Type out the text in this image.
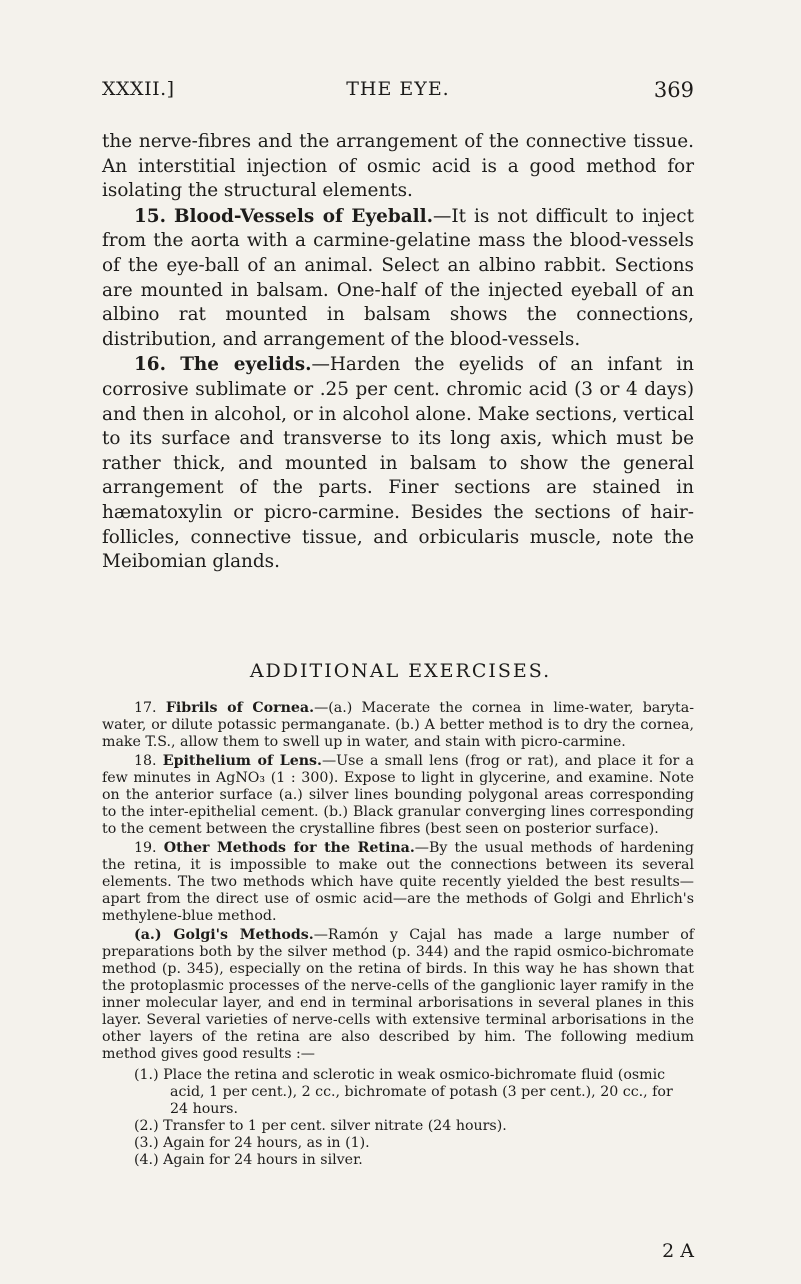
XXXII.]	THE EYE.	369

the nerve-fibres and the arrangement of the connective tissue. An interstitial injection of osmic acid is a good method for isolating the structural elements.

15. Blood-Vessels of Eyeball.—It is not difficult to inject from the aorta with a carmine-gelatine mass the blood-vessels of the eye-ball of an animal. Select an albino rabbit. Sections are mounted in balsam. One-half of the injected eyeball of an albino rat mounted in balsam shows the connections, distribution, and arrangement of the blood-vessels.

16. The eyelids.—Harden the eyelids of an infant in corrosive sublimate or .25 per cent. chromic acid (3 or 4 days) and then in alcohol, or in alcohol alone. Make sections, vertical to its surface and transverse to its long axis, which must be rather thick, and mounted in balsam to show the general arrangement of the parts. Finer sections are stained in hæmatoxylin or picro-carmine. Besides the sections of hair-follicles, connective tissue, and orbicularis muscle, note the Meibomian glands.

ADDITIONAL EXERCISES.

17. Fibrils of Cornea.—(a.) Macerate the cornea in lime-water, baryta-water, or dilute potassic permanganate. (b.) A better method is to dry the cornea, make T.S., allow them to swell up in water, and stain with picro-carmine.

18. Epithelium of Lens.—Use a small lens (frog or rat), and place it for a few minutes in AgNO₃ (1 : 300). Expose to light in glycerine, and examine. Note on the anterior surface (a.) silver lines bounding polygonal areas corresponding to the inter-epithelial cement. (b.) Black granular converging lines corresponding to the cement between the crystalline fibres (best seen on posterior surface).

19. Other Methods for the Retina.—By the usual methods of hardening the retina, it is impossible to make out the connections between its several elements. The two methods which have quite recently yielded the best results—apart from the direct use of osmic acid—are the methods of Golgi and Ehrlich's methylene-blue method.

(a.) Golgi's Methods.—Ramón y Cajal has made a large number of preparations both by the silver method (p. 344) and the rapid osmico-bichromate method (p. 345), especially on the retina of birds. In this way he has shown that the protoplasmic processes of the nerve-cells of the ganglionic layer ramify in the inner molecular layer, and end in terminal arborisations in several planes in this layer. Several varieties of nerve-cells with extensive terminal arborisations in the other layers of the retina are also described by him. The following medium method gives good results :—

(1.) Place the retina and sclerotic in weak osmico-bichromate fluid (osmic acid, 1 per cent.), 2 cc., bichromate of potash (3 per cent.), 20 cc., for 24 hours.
(2.) Transfer to 1 per cent. silver nitrate (24 hours).
(3.) Again for 24 hours, as in (1).
(4.) Again for 24 hours in silver.
2 A
